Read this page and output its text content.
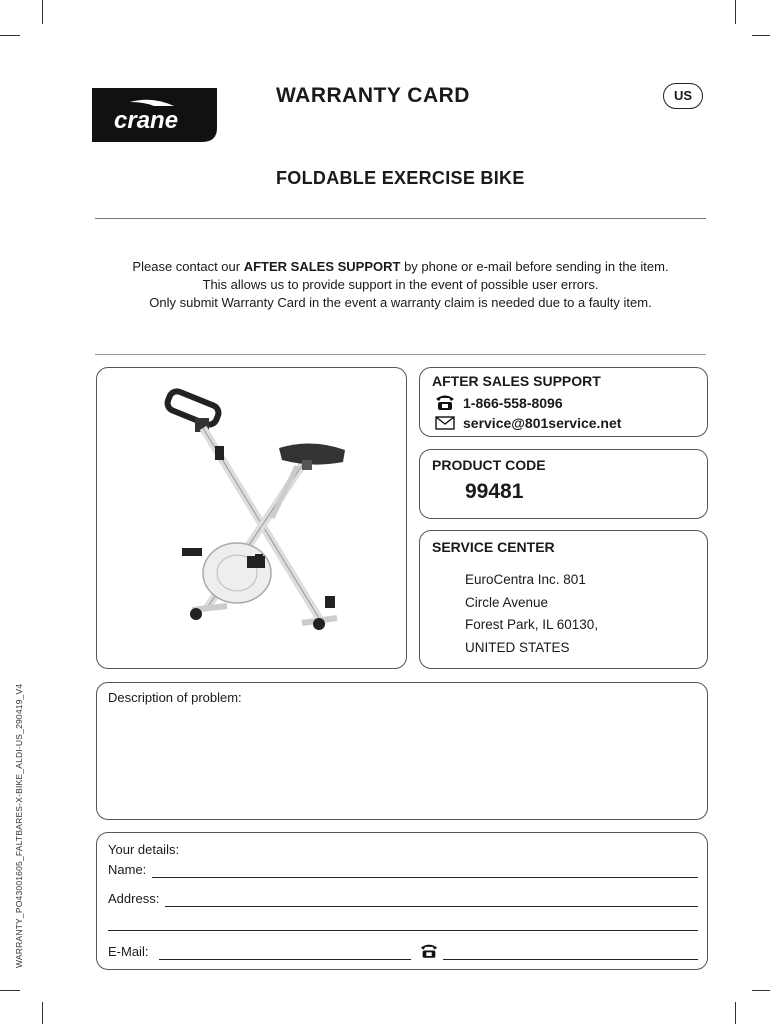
crane
WARRANTY CARD	US
FOLDABLE EXERCISE BIKE
Please contact our AFTER SALES SUPPORT by phone or e-mail before sending in the item.
This allows us to provide support in the event of possible user errors.
Only submit Warranty Card in the event a warranty claim is needed due to a faulty item.
AFTER SALES SUPPORT
1-866-558-8096
service@801service.net
PRODUCT CODE
99481
SERVICE CENTER
EuroCentra Inc. 801
Circle Avenue
Forest Park, IL 60130,
UNITED STATES
Description of problem:
Your details:
Name:
Address:
E-Mail:
WARRANTY_PO43001605_FALTBARES-X-BIKE_ALDI-US_290419_V4
